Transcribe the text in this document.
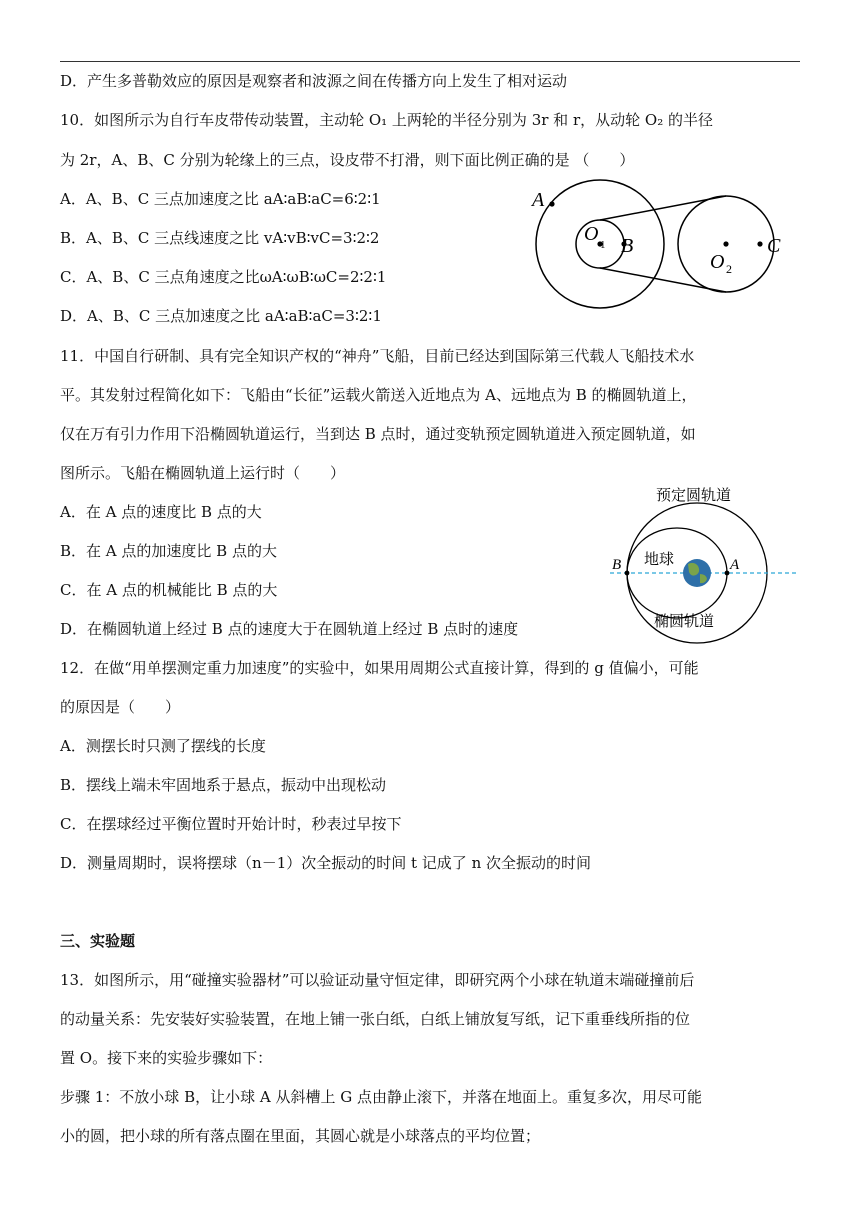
D．产生多普勒效应的原因是观察者和波源之间在传播方向上发生了相对运动
10．如图所示为自行车皮带传动装置，主动轮 O₁ 上两轮的半径分别为 3r 和 r，从动轮 O₂ 的半径
为 2r，A、B、C 分别为轮缘上的三点，设皮带不打滑，则下面比例正确的是 （　　）
A．A、B、C 三点加速度之比 aA∶aB∶aC=6∶2∶1
B．A、B、C 三点线速度之比 vA∶vB∶vC=3∶2∶2
C．A、B、C 三点角速度之比ωA∶ωB∶ωC=2∶2∶1
D．A、B、C 三点加速度之比 aA∶aB∶aC=3∶2∶1
A
O 1 B
O 2
C
11．中国自行研制、具有完全知识产权的“神舟”飞船，目前已经达到国际第三代载人飞船技术水
平。其发射过程简化如下：飞船由“长征”运载火箭送入近地点为 A、远地点为 B 的椭圆轨道上，
仅在万有引力作用下沿椭圆轨道运行，当到达 B 点时，通过变轨预定圆轨道进入预定圆轨道，如
图所示。飞船在椭圆轨道上运行时（　　）
A．在 A 点的速度比 B 点的大
B．在 A 点的加速度比 B 点的大
C．在 A 点的机械能比 B 点的大
D．在椭圆轨道上经过 B 点的速度大于在圆轨道上经过 B 点时的速度
预定圆轨道
B	A
地球
椭圆轨道
12．在做“用单摆测定重力加速度”的实验中，如果用周期公式直接计算，得到的 g 值偏小，可能
的原因是（　　）
A．测摆长时只测了摆线的长度
B．摆线上端未牢固地系于悬点，振动中出现松动
C．在摆球经过平衡位置时开始计时，秒表过早按下
D．测量周期时，误将摆球（n－1）次全振动的时间 t 记成了 n 次全振动的时间
三、实验题
13．如图所示，用“碰撞实验器材”可以验证动量守恒定律，即研究两个小球在轨道末端碰撞前后
的动量关系：先安装好实验装置，在地上铺一张白纸，白纸上铺放复写纸，记下重垂线所指的位
置 O。接下来的实验步骤如下：
步骤 1：不放小球 B，让小球 A 从斜槽上 G 点由静止滚下，并落在地面上。重复多次，用尽可能
小的圆，把小球的所有落点圈在里面，其圆心就是小球落点的平均位置；
